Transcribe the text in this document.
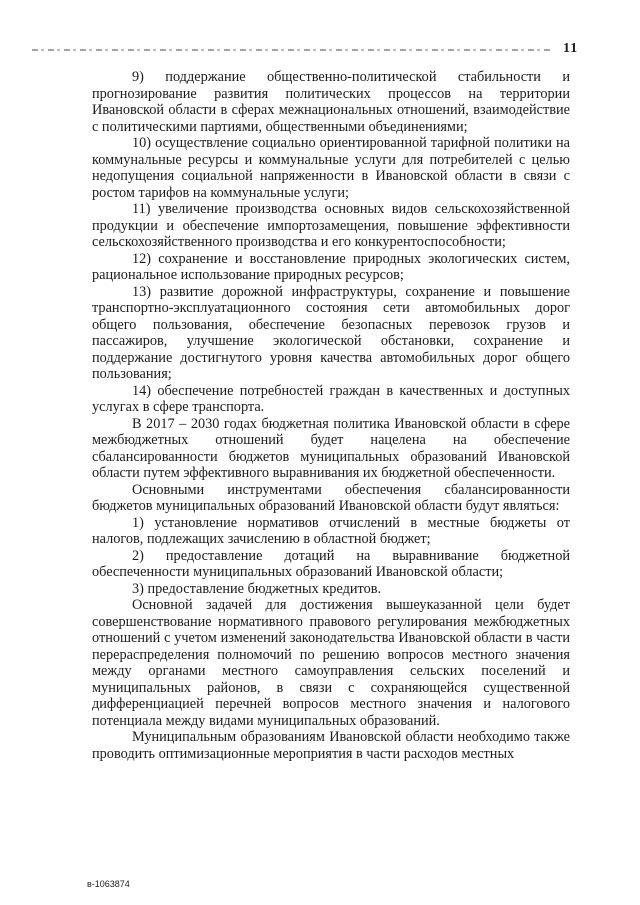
11

9) поддержание общественно-политической стабильности и прогнозирование развития политических процессов на территории Ивановской области в сферах межнациональных отношений, взаимодействие с политическими партиями, общественными объединениями;

10) осуществление социально ориентированной тарифной политики на коммунальные ресурсы и коммунальные услуги для потребителей с целью недопущения социальной напряженности в Ивановской области в связи с ростом тарифов на коммунальные услуги;

11) увеличение производства основных видов сельскохозяйственной продукции и обеспечение импортозамещения, повышение эффективности сельскохозяйственного производства и его конкурентоспособности;

12) сохранение и восстановление природных экологических систем, рациональное использование природных ресурсов;

13) развитие дорожной инфраструктуры, сохранение и повышение транспортно-эксплуатационного состояния сети автомобильных дорог общего пользования, обеспечение безопасных перевозок грузов и пассажиров, улучшение экологической обстановки, сохранение и поддержание достигнутого уровня качества автомобильных дорог общего пользования;

14) обеспечение потребностей граждан в качественных и доступных услугах в сфере транспорта.

В 2017 – 2030 годах бюджетная политика Ивановской области в сфере межбюджетных отношений будет нацелена на обеспечение сбалансированности бюджетов муниципальных образований Ивановской области путем эффективного выравнивания их бюджетной обеспеченности.

Основными инструментами обеспечения сбалансированности бюджетов муниципальных образований Ивановской области будут являться:

1) установление нормативов отчислений в местные бюджеты от налогов, подлежащих зачислению в областной бюджет;

2) предоставление дотаций на выравнивание бюджетной обеспеченности муниципальных образований Ивановской области;

3) предоставление бюджетных кредитов.

Основной задачей для достижения вышеуказанной цели будет совершенствование нормативного правового регулирования межбюджетных отношений с учетом изменений законодательства Ивановской области в части перераспределения полномочий по решению вопросов местного значения между органами местного самоуправления сельских поселений и муниципальных районов, в связи с сохраняющейся существенной дифференциацией перечней вопросов местного значения и налогового потенциала между видами муниципальных образований.

Муниципальным образованиям Ивановской области необходимо также проводить оптимизационные мероприятия в части расходов местных

в-1063874
